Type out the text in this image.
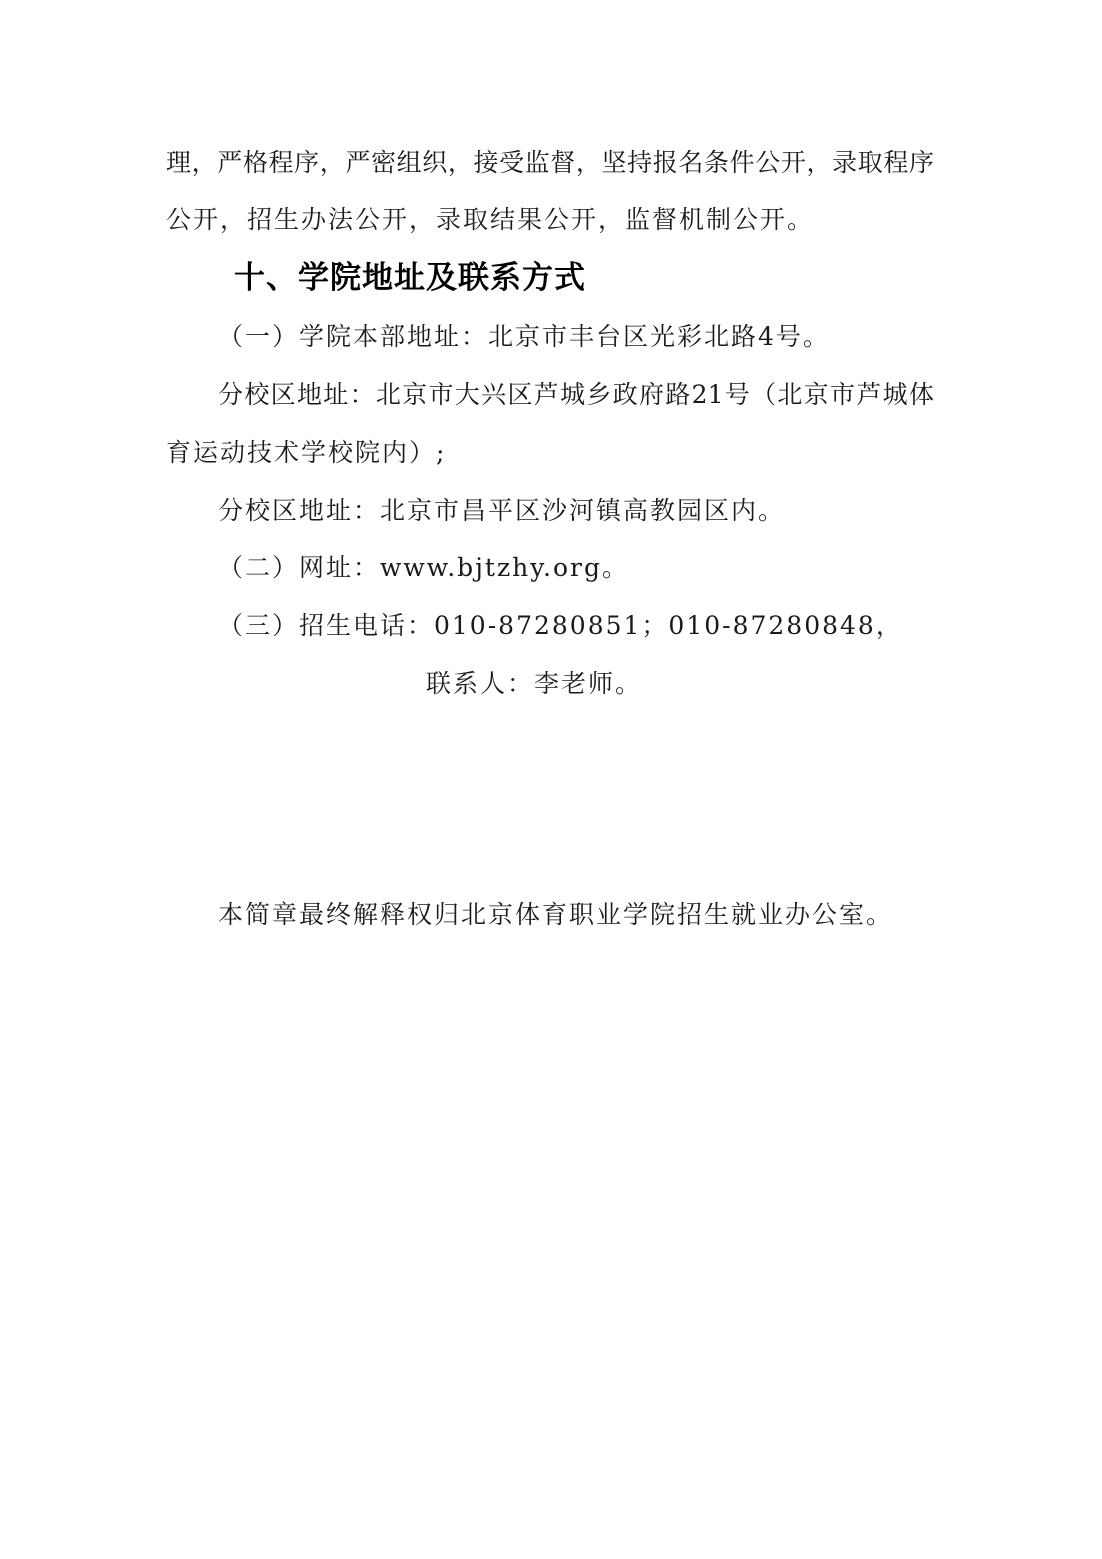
理，严格程序，严密组织，接受监督，坚持报名条件公开，录取程序
公开，招生办法公开，录取结果公开，监督机制公开。
十、学院地址及联系方式
（一）学院本部地址：北京市丰台区光彩北路4号。
分校区地址：北京市大兴区芦城乡政府路21号（北京市芦城体
育运动技术学校院内）;
分校区地址：北京市昌平区沙河镇高教园区内。
（二）网址：www.bjtzhy.org。
（三）招生电话：010-87280851；010-87280848，
联系人：李老师。
本简章最终解释权归北京体育职业学院招生就业办公室。
